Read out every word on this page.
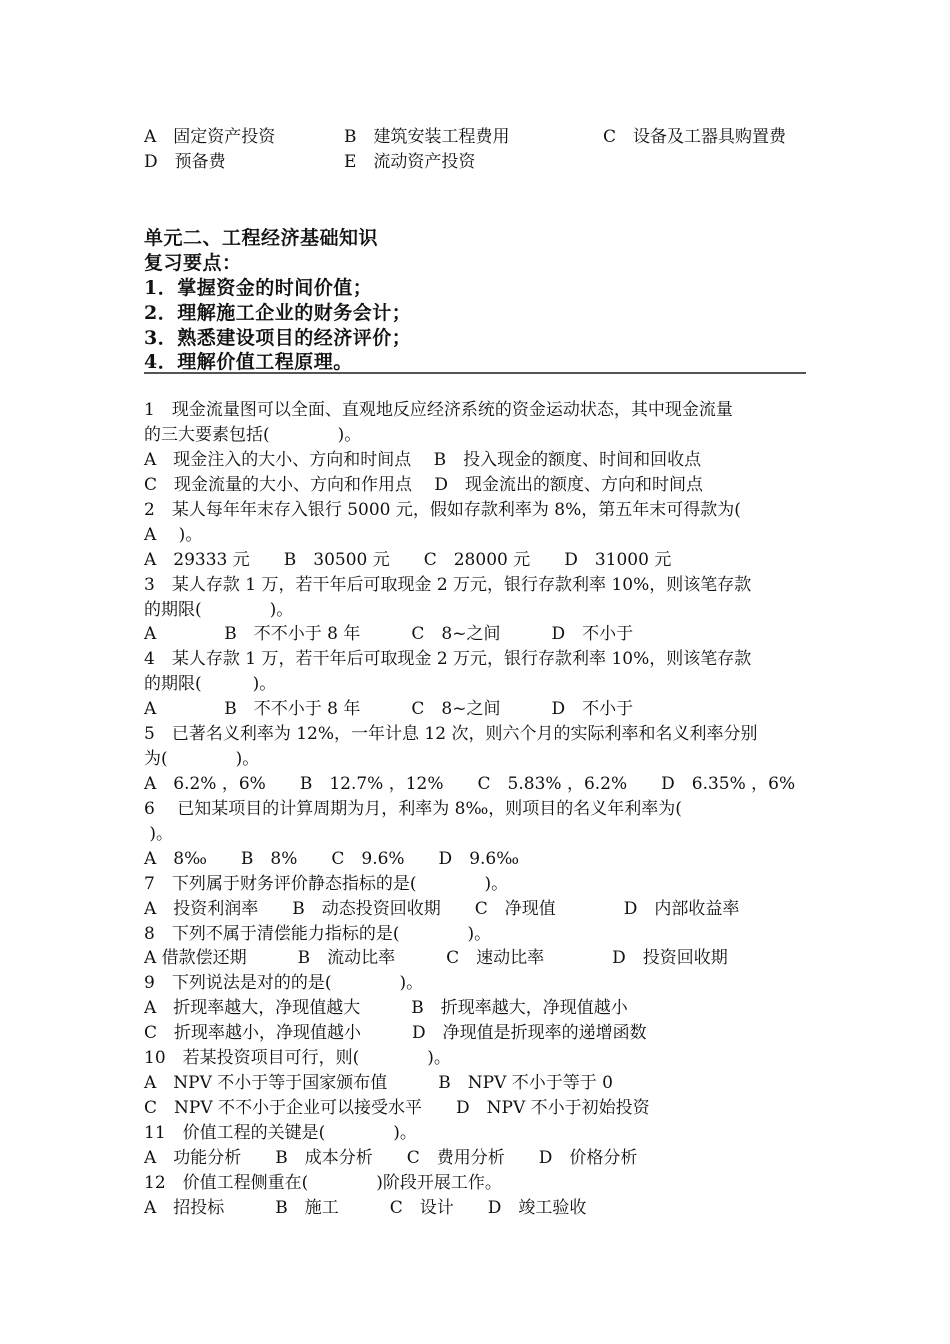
A　固定资产投资	B　建筑安装工程费用	C　设备及工器具购置费
D　预备费	E　流动资产投资
单元二、工程经济基础知识
复习要点：
1．掌握资金的时间价值；
2．理解施工企业的财务会计；
3．熟悉建设项目的经济评价；
4．理解价值工程原理。
1　现金流量图可以全面、直观地反应经济系统的资金运动状态，其中现金流量
的三大要素包括(　　　　)。
A　现金注入的大小、方向和时间点　 B　投入现金的额度、时间和回收点
C　现金流量的大小、方向和作用点　 D　现金流出的额度、方向和时间点
2　某人每年年末存入银行 5000 元，假如存款利率为 8%，第五年末可得款为(
A　 )。
A　29333 元　　B　30500 元　　C　28000 元　　D　31000 元
3　某人存款 1 万，若干年后可取现金 2 万元，银行存款利率 10%，则该笔存款
的期限(　　　　)。
A　　　　B　不不小于 8 年　　　C　8~之间　　　D　不小于
4　某人存款 1 万，若干年后可取现金 2 万元，银行存款利率 10%，则该笔存款
的期限(　　　)。
A　　　　B　不不小于 8 年　　　C　8~之间　　　D　不小于
5　已著名义利率为 12%，一年计息 12 次，则六个月的实际利率和名义利率分别
为(　　　　)。
A　6.2% ，6%　　B　12.7% ，12%　　C　5.83% ，6.2%　　D　6.35% ，6%
6　 已知某项目的计算周期为月，利率为 8‰，则项目的名义年利率为(
)。
A　8‰　　B　8%　　C　9.6%　　D　9.6‰
7　下列属于财务评价静态指标的是(　　　　)。
A　投资利润率　　B　动态投资回收期　　C　净现值　　　　D　内部收益率
8　下列不属于清偿能力指标的是(　　　　)。
A 借款偿还期　　　B　流动比率　　　C　速动比率　　　　D　投资回收期
9　下列说法是对的的是(　　　　)。
A　折现率越大，净现值越大　　　B　折现率越大，净现值越小
C　折现率越小，净现值越小　　　D　净现值是折现率的递增函数
10　若某投资项目可行，则(　　　　)。
A　NPV 不小于等于国家颁布值　　　B　NPV 不小于等于 0
C　NPV 不不小于企业可以接受水平　　D　NPV 不小于初始投资
11　价值工程的关键是(　　　　)。
A　功能分析　　B　成本分析　　C　费用分析　　D　价格分析
12　价值工程侧重在(　　　　)阶段开展工作。
A　招投标　　　B　施工　　　C　设计　　D　竣工验收
